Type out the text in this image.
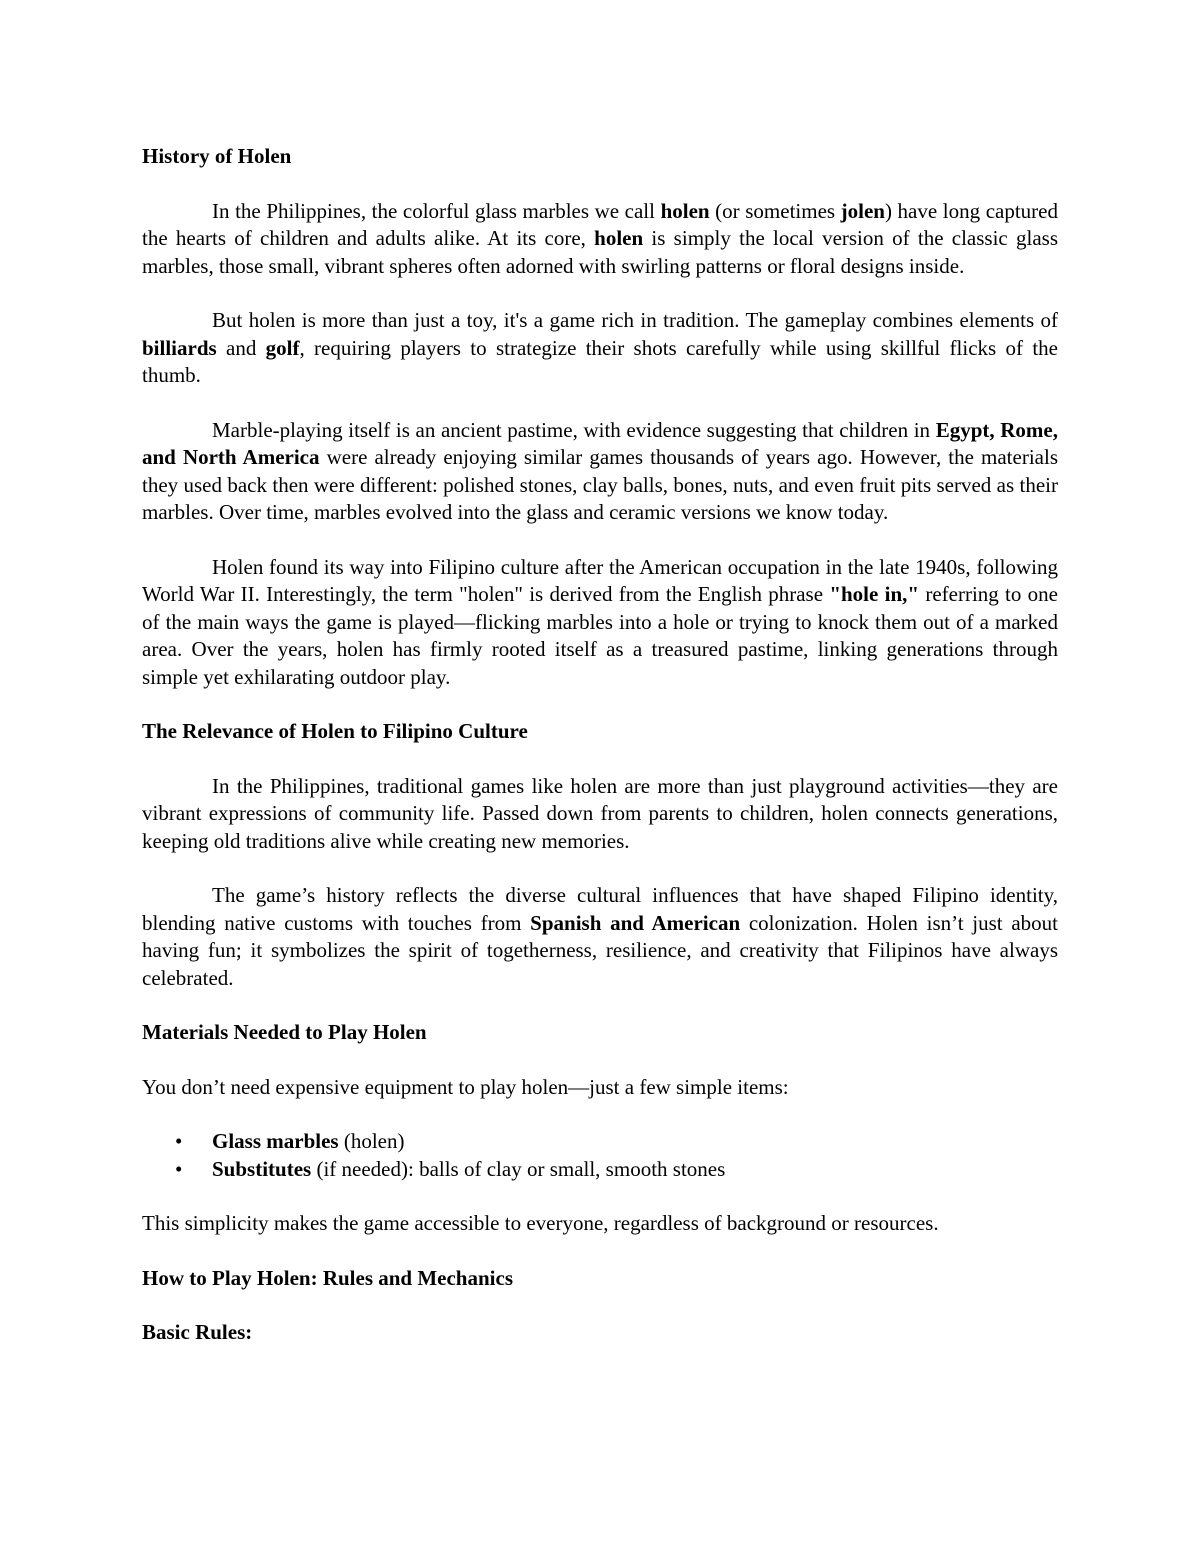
History of Holen

In the Philippines, the colorful glass marbles we call holen (or sometimes jolen) have long captured the hearts of children and adults alike. At its core, holen is simply the local version of the classic glass marbles, those small, vibrant spheres often adorned with swirling patterns or floral designs inside.

But holen is more than just a toy, it's a game rich in tradition. The gameplay combines elements of billiards and golf, requiring players to strategize their shots carefully while using skillful flicks of the thumb.

Marble-playing itself is an ancient pastime, with evidence suggesting that children in Egypt, Rome, and North America were already enjoying similar games thousands of years ago. However, the materials they used back then were different: polished stones, clay balls, bones, nuts, and even fruit pits served as their marbles. Over time, marbles evolved into the glass and ceramic versions we know today.

Holen found its way into Filipino culture after the American occupation in the late 1940s, following World War II. Interestingly, the term "holen" is derived from the English phrase "hole in," referring to one of the main ways the game is played—flicking marbles into a hole or trying to knock them out of a marked area. Over the years, holen has firmly rooted itself as a treasured pastime, linking generations through simple yet exhilarating outdoor play.

The Relevance of Holen to Filipino Culture

In the Philippines, traditional games like holen are more than just playground activities—they are vibrant expressions of community life. Passed down from parents to children, holen connects generations, keeping old traditions alive while creating new memories.

The game’s history reflects the diverse cultural influences that have shaped Filipino identity, blending native customs with touches from Spanish and American colonization. Holen isn’t just about having fun; it symbolizes the spirit of togetherness, resilience, and creativity that Filipinos have always celebrated.

Materials Needed to Play Holen

You don’t need expensive equipment to play holen—just a few simple items:

• Glass marbles (holen)
• Substitutes (if needed): balls of clay or small, smooth stones

This simplicity makes the game accessible to everyone, regardless of background or resources.

How to Play Holen: Rules and Mechanics
Basic Rules:
